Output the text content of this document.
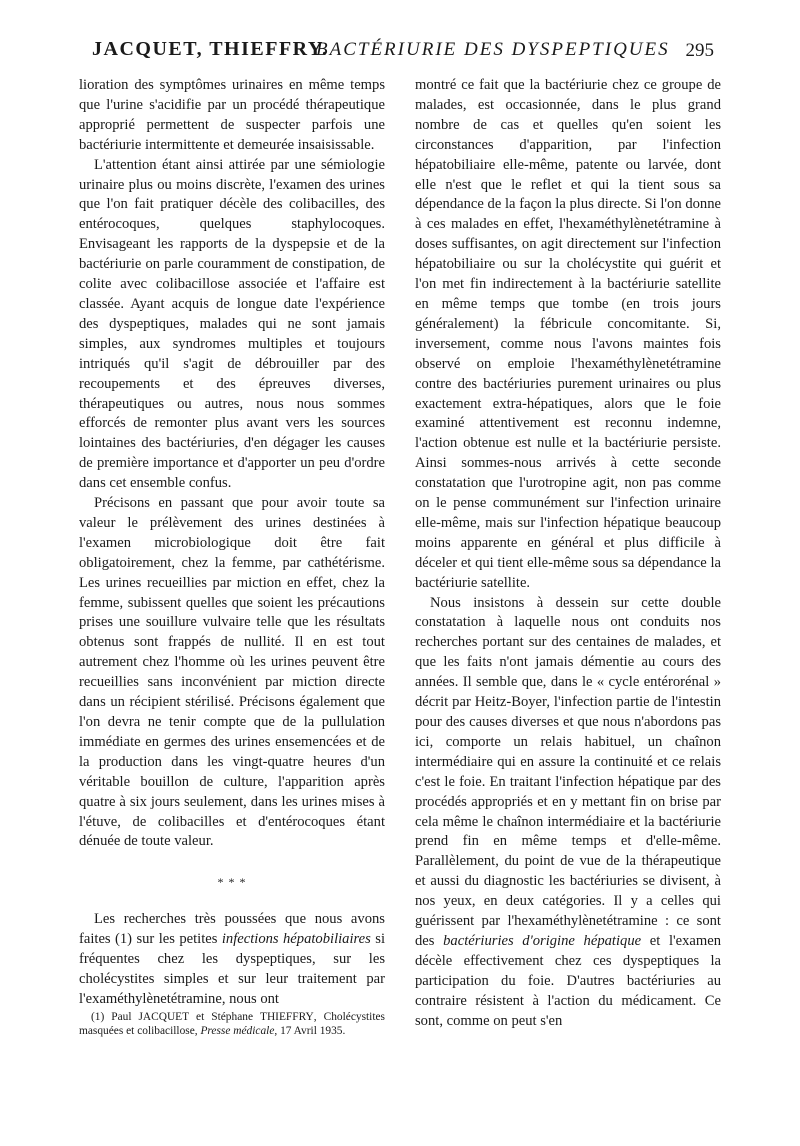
JACQUET, THIEFFRY.
BACTÉRIURIE DES DYSPEPTIQUES 295

lioration des symptômes urinaires en même temps que l'urine s'acidifie par un procédé thérapeutique approprié permettent de suspecter parfois une bactériurie intermittente et demeurée insaisissable.

L'attention étant ainsi attirée par une sémiologie urinaire plus ou moins discrète, l'examen des urines que l'on fait pratiquer décèle des colibacilles, des entérocoques, quelques staphylocoques. Envisageant les rapports de la dyspepsie et de la bactériurie on parle couramment de constipation, de colite avec colibacillose associée et l'affaire est classée. Ayant acquis de longue date l'expérience des dyspeptiques, malades qui ne sont jamais simples, aux syndromes multiples et toujours intriqués qu'il s'agit de débrouiller par des recoupements et des épreuves diverses, thérapeutiques ou autres, nous nous sommes efforcés de remonter plus avant vers les sources lointaines des bactériuries, d'en dégager les causes de première importance et d'apporter un peu d'ordre dans cet ensemble confus.

Précisons en passant que pour avoir toute sa valeur le prélèvement des urines destinées à l'examen microbiologique doit être fait obligatoirement, chez la femme, par cathétérisme. Les urines recueillies par miction en effet, chez la femme, subissent quelles que soient les précautions prises une souillure vulvaire telle que les résultats obtenus sont frappés de nullité. Il en est tout autrement chez l'homme où les urines peuvent être recueillies sans inconvénient par miction directe dans un récipient stérilisé. Précisons également que l'on devra ne tenir compte que de la pullulation immédiate en germes des urines ensemencées et de la production dans les vingt-quatre heures d'un véritable bouillon de culture, l'apparition après quatre à six jours seulement, dans les urines mises à l'étuve, de colibacilles et d'entérocoques étant dénuée de toute valeur.

* * *

Les recherches très poussées que nous avons faites (1) sur les petites infections hépatobiliaires si fréquentes chez les dyspeptiques, sur les cholécystites simples et sur leur traitement par l'examéthylènetétramine, nous ont

(1) Paul JACQUET et Stéphane THIEFFRY, Cholécystites masquées et colibacillose, Presse médicale, 17 Avril 1935.

montré ce fait que la bactériurie chez ce groupe de malades, est occasionnée, dans le plus grand nombre de cas et quelles qu'en soient les circonstances d'apparition, par l'infection hépatobiliaire elle-même, patente ou larvée, dont elle n'est que le reflet et qui la tient sous sa dépendance de la façon la plus directe. Si l'on donne à ces malades en effet, l'hexaméthylènetétramine à doses suffisantes, on agit directement sur l'infection hépatobiliaire ou sur la cholécystite qui guérit et l'on met fin indirectement à la bactériurie satellite en même temps que tombe (en trois jours généralement) la fébricule concomitante. Si, inversement, comme nous l'avons maintes fois observé on emploie l'hexaméthylènetétramine contre des bactériuries purement urinaires ou plus exactement extra-hépatiques, alors que le foie examiné attentivement est reconnu indemne, l'action obtenue est nulle et la bactériurie persiste. Ainsi sommes-nous arrivés à cette seconde constatation que l'urotropine agit, non pas comme on le pense communément sur l'infection urinaire elle-même, mais sur l'infection hépatique beaucoup moins apparente en général et plus difficile à déceler et qui tient elle-même sous sa dépendance la bactériurie satellite.

Nous insistons à dessein sur cette double constatation à laquelle nous ont conduits nos recherches portant sur des centaines de malades, et que les faits n'ont jamais démentie au cours des années. Il semble que, dans le « cycle entérorénal » décrit par Heitz-Boyer, l'infection partie de l'intestin pour des causes diverses et que nous n'abordons pas ici, comporte un relais habituel, un chaînon intermédiaire qui en assure la continuité et ce relais c'est le foie. En traitant l'infection hépatique par des procédés appropriés et en y mettant fin on brise par cela même le chaînon intermédiaire et la bactériurie prend fin en même temps et d'elle-même. Parallèlement, du point de vue de la thérapeutique et aussi du diagnostic les bactériuries se divisent, à nos yeux, en deux catégories. Il y a celles qui guérissent par l'hexaméthylènetétramine : ce sont des bactériuries d'origine hépatique et l'examen décèle effectivement chez ces dyspeptiques la participation du foie. D'autres bactériuries au contraire résistent à l'action du médicament. Ce sont, comme on peut s'en
